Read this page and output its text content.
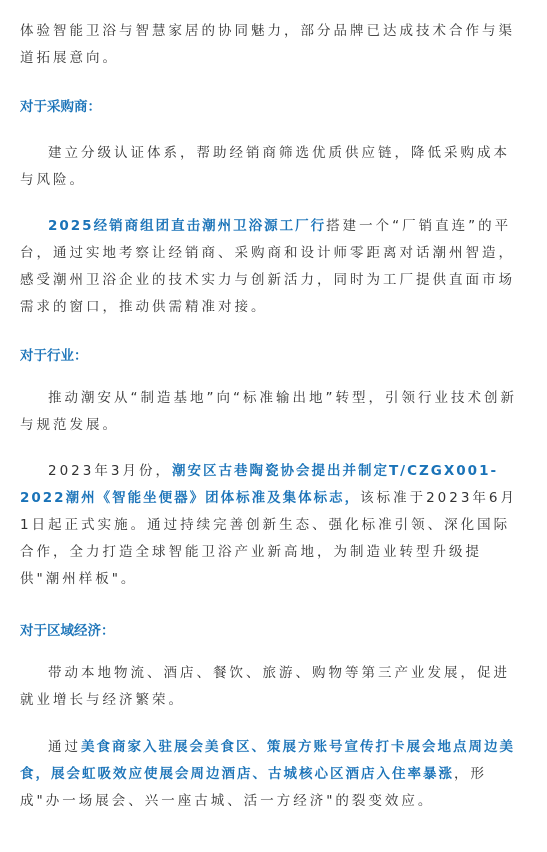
体验智能卫浴与智慧家居的协同魅力，部分品牌已达成技术合作与渠道拓展意向。

对于采购商：

建立分级认证体系，帮助经销商筛选优质供应链，降低采购成本与风险。

2025经销商组团直击潮州卫浴源工厂行搭建一个“厂销直连”的平台，通过实地考察让经销商、采购商和设计师零距离对话潮州智造，感受潮州卫浴企业的技术实力与创新活力，同时为工厂提供直面市场需求的窗口，推动供需精准对接。

对于行业：

推动潮安从“制造基地”向“标准输出地”转型，引领行业技术创新与规范发展。

2023年3月份，潮安区古巷陶瓷协会提出并制定T/CZGX001-2022潮州《智能坐便器》团体标准及集体标志，该标准于2023年6月1日起正式实施。通过持续完善创新生态、强化标准引领、深化国际合作，全力打造全球智能卫浴产业新高地，为制造业转型升级提供"潮州样板"。

对于区域经济：

带动本地物流、酒店、餐饮、旅游、购物等第三产业发展，促进就业增长与经济繁荣。

通过美食商家入驻展会美食区、策展方账号宣传打卡展会地点周边美食，展会虹吸效应使展会周边酒店、古城核心区酒店入住率暴涨，形成"办一场展会、兴一座古城、活一方经济"的裂变效应。
